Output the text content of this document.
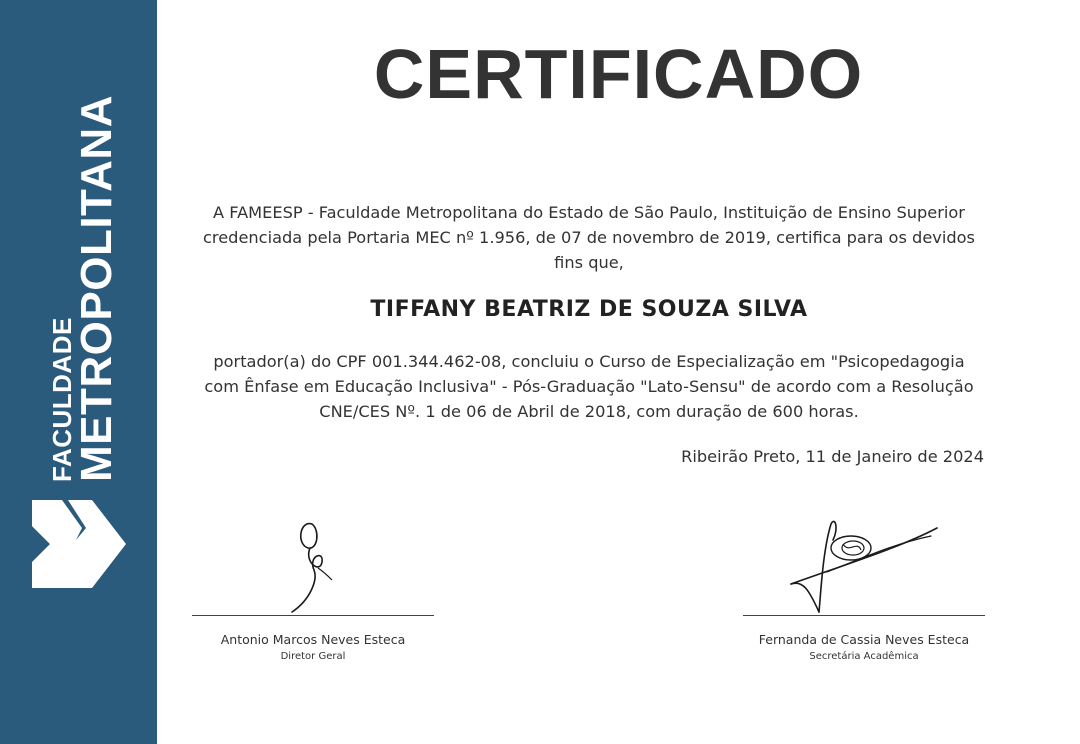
FACULDADE
METROPOLITANA
CERTIFICADO
A FAMEESP - Faculdade Metropolitana do Estado de São Paulo, Instituição de Ensino Superior
credenciada pela Portaria MEC nº 1.956, de 07 de novembro de 2019, certifica para os devidos
fins que,
TIFFANY BEATRIZ DE SOUZA SILVA
portador(a) do CPF 001.344.462-08, concluiu o Curso de Especialização em "Psicopedagogia
com Ênfase em Educação Inclusiva" - Pós-Graduação "Lato-Sensu" de acordo com a Resolução
CNE/CES Nº. 1 de 06 de Abril de 2018, com duração de 600 horas.
Ribeirão Preto, 11 de Janeiro de 2024
Antonio Marcos Neves Esteca
Diretor Geral
Fernanda de Cassia Neves Esteca
Secretária Acadêmica
